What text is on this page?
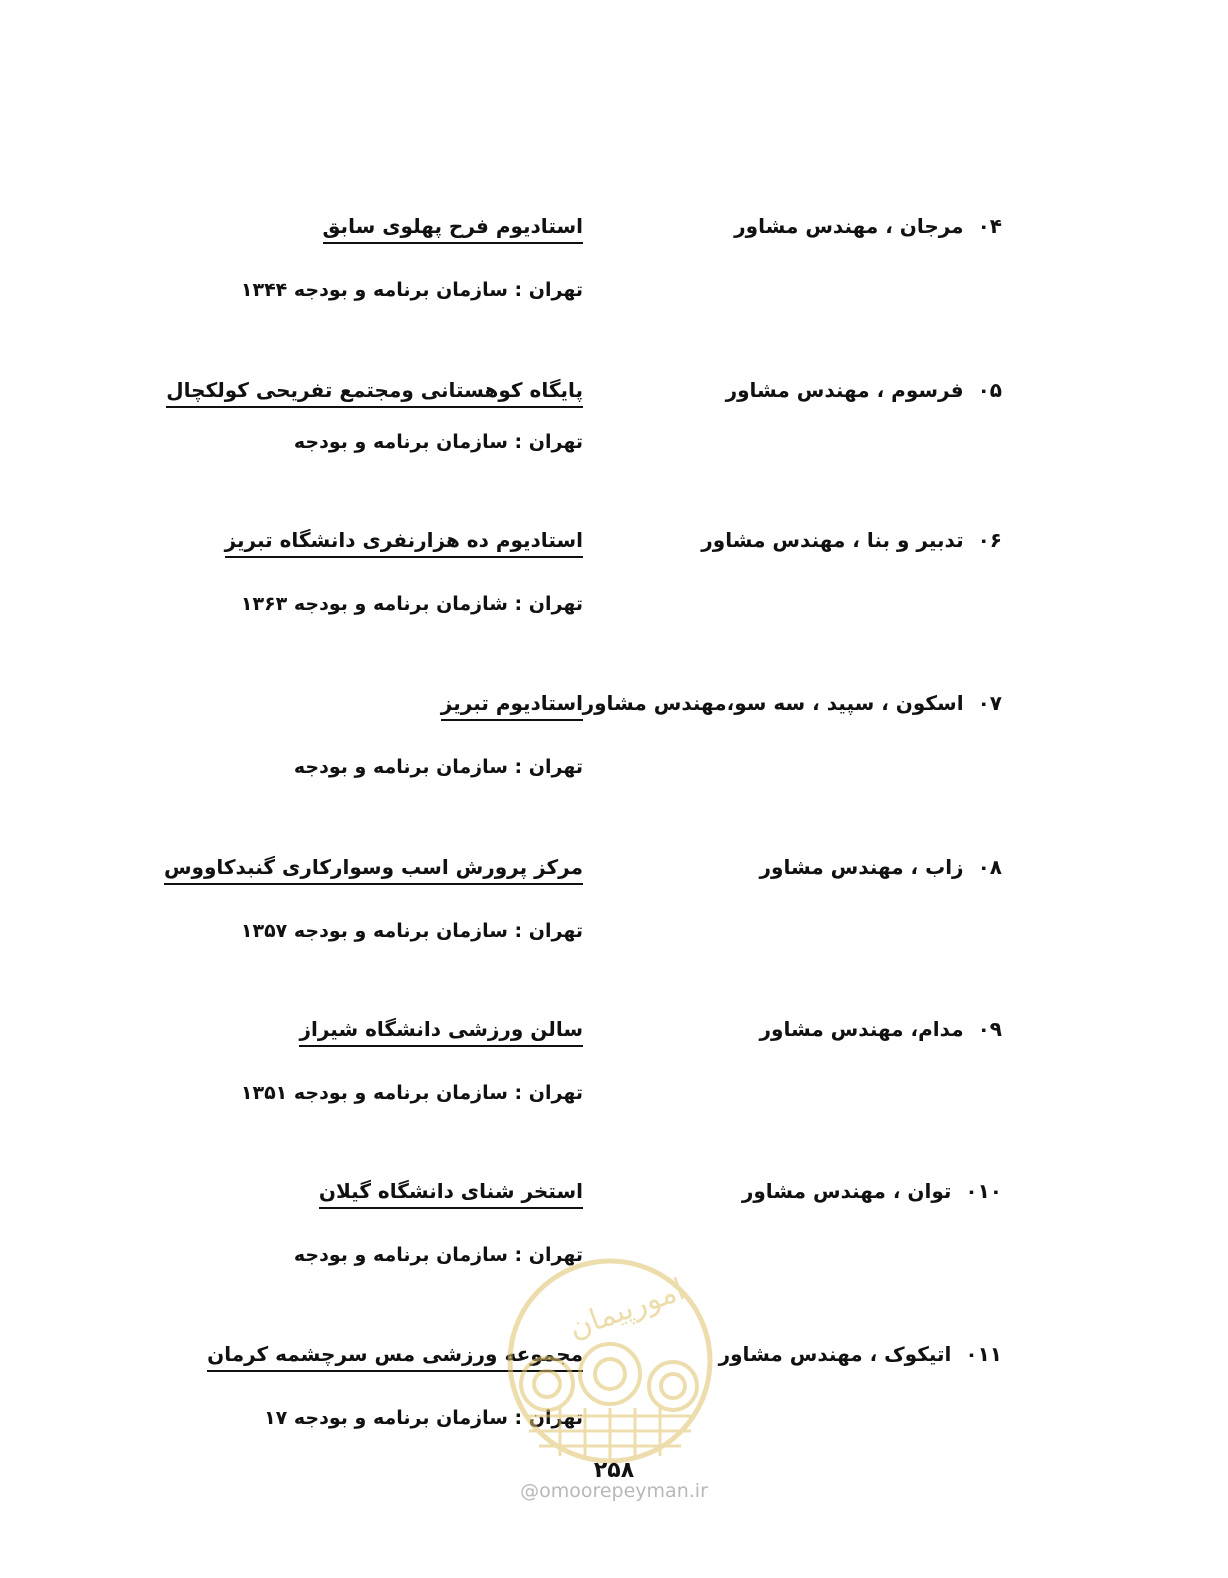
۰۴مرجان ، مهندس مشاور
استادیوم فرح پهلوی سابق
تهران : سازمان برنامه و بودجه ۱۳۴۴
۰۵فرسوم ، مهندس مشاور
پایگاه کوهستانی ومجتمع تفریحی کولکچال
تهران : سازمان برنامه و بودجه
۰۶تدبیر و بنا ، مهندس مشاور
استادیوم ده هزارنفری دانشگاه تبریز
تهران : شازمان برنامه و بودجه ۱۳۶۳
۰۷اسکون ، سپید ، سه سو،مهندس مشاور
استادیوم تبریز
تهران : سازمان برنامه و بودجه
۰۸زاب ، مهندس مشاور
مرکز پرورش اسب وسوارکاری گنبدکاووس
تهران : سازمان برنامه و بودجه ۱۳۵۷
۰۹مدام، مهندس مشاور
سالن ورزشی دانشگاه شیراز
تهران : سازمان برنامه و بودجه ۱۳۵۱
۰۱۰توان ، مهندس مشاور
استخر شنای دانشگاه گیلان
تهران : سازمان برنامه و بودجه
۰۱۱اتیکوک ، مهندس مشاور
مجموعه ورزشی مس سرچشمه کرمان
تهران : سازمان برنامه و بودجه ۱۷
امورپیمان
۲۵۸
@omoorepeyman.ir
